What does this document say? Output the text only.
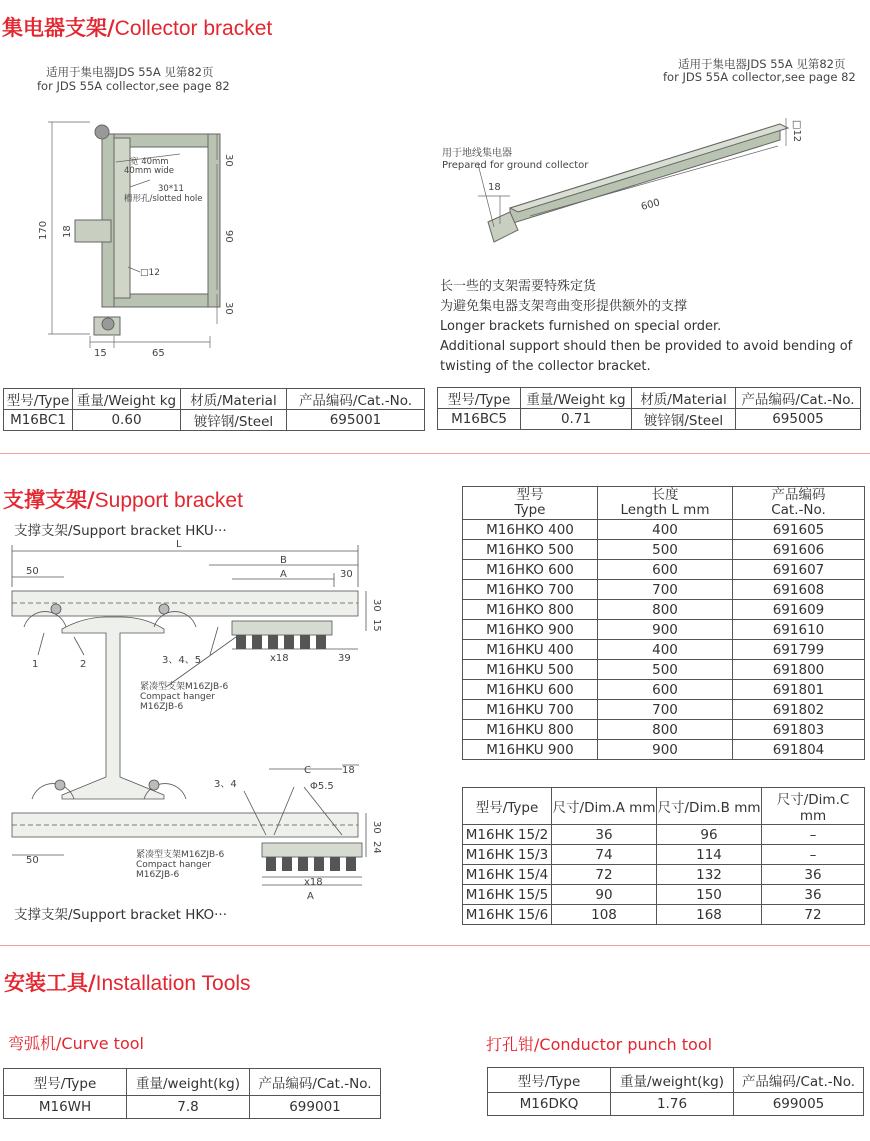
集电器支架/Collector bracket
适用于集电器JDS 55A 见第82页
for JDS 55A collector,see page 82
适用于集电器JDS 55A 见第82页
for JDS 55A collector,see page 82
170 18
30
90
30
15	65
宽 40mm
40mm wide
30*11
槽形孔/slotted hole
□12
用于地线集电器
Prepared for ground collector
18
600
□12
长一些的支架需要特殊定货
为避免集电器支架弯曲变形提供额外的支撑
Longer brackets furnished on special order.
Additional support should then be provided to avoid bending of
twisting of the collector bracket.
型号/Type	重量/Weight kg	材质/Material	产品编码/Cat.-No.
M16BC1	0.60	镀锌钢/Steel	695001
型号/Type	重量/Weight kg	材质/Material	产品编码/Cat.-No.
M16BC5	0.71	镀锌钢/Steel	695005
支撑支架/Support bracket
支撑支架/Support bracket HKU···
支撑支架/Support bracket HKO···
L
B
A	30
50
30
15
x18	39
1	2	3、4、5
紧凑型支架M16ZJB-6
Compact hanger
M16ZJB-6
C	18
Φ5.5
3、4
30
24
50	紧凑型支架M16ZJB-6
Compact hanger
M16ZJB-6
x18
A
型号
Type	长度
Length L mm	产品编码
Cat.-No.
M16HKO 400	400	691605
M16HKO 500	500	691606
M16HKO 600	600	691607
M16HKO 700	700	691608
M16HKO 800	800	691609
M16HKO 900	900	691610
M16HKU 400	400	691799
M16HKU 500	500	691800
M16HKU 600	600	691801
M16HKU 700	700	691802
M16HKU 800	800	691803
M16HKU 900	900	691804
型号/Type	尺寸/Dim.A mm	尺寸/Dim.B mm	尺寸/Dim.C mm
M16HK 15/2	36	96	–
M16HK 15/3	74	114	–
M16HK 15/4	72	132	36
M16HK 15/5	90	150	36
M16HK 15/6	108	168	72
安装工具/Installation Tools
弯弧机/Curve tool	打孔钳/Conductor punch tool
型号/Type	重量/weight(kg)	产品编码/Cat.-No.
M16WH	7.8	699001
型号/Type	重量/weight(kg)	产品编码/Cat.-No.
M16DKQ	1.76	699005
